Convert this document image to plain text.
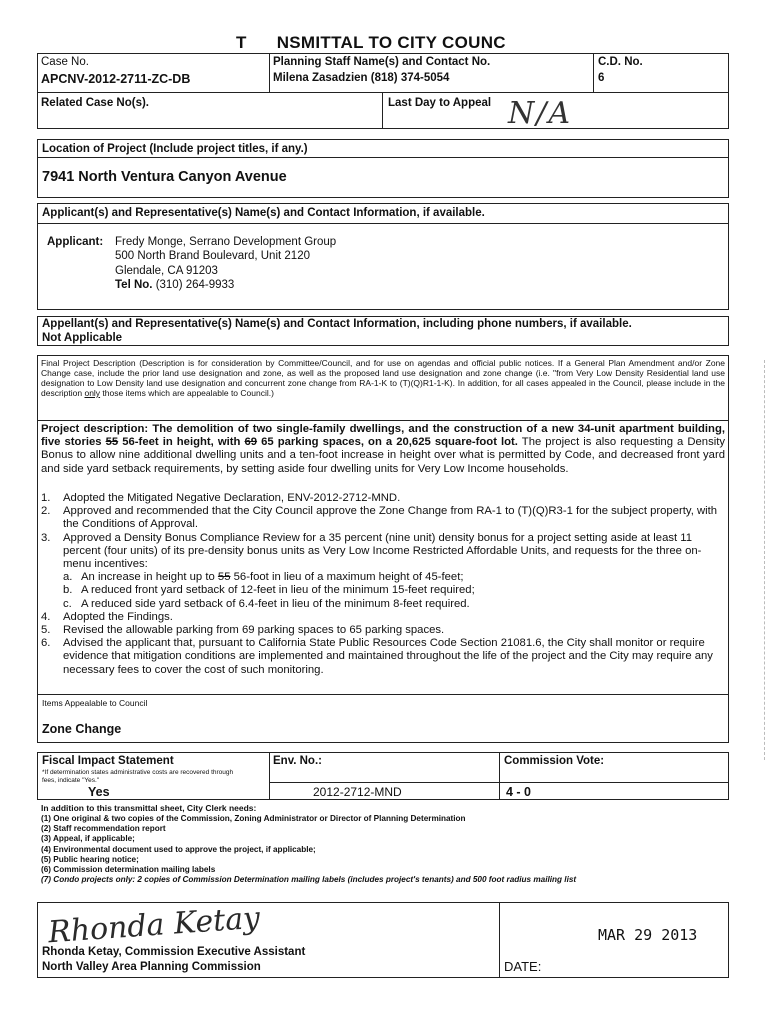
T NSMITTAL TO CITY COUNC
Case No.
APCNV-2012-2711-ZC-DB
Planning Staff Name(s) and Contact No.
Milena Zasadzien (818) 374-5054
C.D. No.
6
Related Case No(s).	Last Day to Appeal N/A
Location of Project (Include project titles, if any.)
7941 North Ventura Canyon Avenue
Applicant(s) and Representative(s) Name(s) and Contact Information, if available.
Applicant: Fredy Monge, Serrano Development Group
500 North Brand Boulevard, Unit 2120
Glendale, CA 91203
Tel No. (310) 264-9933
Appellant(s) and Representative(s) Name(s) and Contact Information, including phone numbers, if available.
Not Applicable
Final Project Description (Description is for consideration by Committee/Council, and for use on agendas and official public notices. If a General Plan Amendment and/or Zone Change case, include the prior land use designation and zone, as well as the proposed land use designation and zone change (i.e. "from Very Low Density Residential land use designation to Low Density land use designation and concurrent zone change from RA-1-K to (T)(Q)R1-1-K). In addition, for all cases appealed in the Council, please include in the description only those items which are appealable to Council.)
Project description: The demolition of two single-family dwellings, and the construction of a new 34-unit apartment building, five stories 55 56-feet in height, with 69 65 parking spaces, on a 20,625 square-foot lot. The project is also requesting a Density Bonus to allow nine additional dwelling units and a ten-foot increase in height over what is permitted by Code, and decreased front yard and side yard setback requirements, by setting aside four dwelling units for Very Low Income households.
1. Adopted the Mitigated Negative Declaration, ENV-2012-2712-MND.
2. Approved and recommended that the City Council approve the Zone Change from RA-1 to (T)(Q)R3-1 for the subject property, with the Conditions of Approval.
3. Approved a Density Bonus Compliance Review for a 35 percent (nine unit) density bonus for a project setting aside at least 11 percent (four units) of its pre-density bonus units as Very Low Income Restricted Affordable Units, and requests for the three on-menu incentives:
a. An increase in height up to 55 56-foot in lieu of a maximum height of 45-feet;
b. A reduced front yard setback of 12-feet in lieu of the minimum 15-feet required;
c. A reduced side yard setback of 6.4-feet in lieu of the minimum 8-feet required.
4. Adopted the Findings.
5. Revised the allowable parking from 69 parking spaces to 65 parking spaces.
6. Advised the applicant that, pursuant to California State Public Resources Code Section 21081.6, the City shall monitor or require evidence that mitigation conditions are implemented and maintained throughout the life of the project and the City may require any necessary fees to cover the cost of such monitoring.
Items Appealable to Council
Zone Change
Fiscal Impact Statement
*If determination states administrative costs are recovered through fees, indicate "Yes."
Yes
Env. No.:
2012-2712-MND
Commission Vote:
4 - 0
In addition to this transmittal sheet, City Clerk needs:
(1) One original & two copies of the Commission, Zoning Administrator or Director of Planning Determination
(2) Staff recommendation report
(3) Appeal, if applicable;
(4) Environmental document used to approve the project, if applicable;
(5) Public hearing notice;
(6) Commission determination mailing labels
(7) Condo projects only: 2 copies of Commission Determination mailing labels (includes project's tenants) and 500 foot radius mailing list
Rhonda Ketay
Rhonda Ketay, Commission Executive Assistant
North Valley Area Planning Commission
MAR 29 2013
DATE:
